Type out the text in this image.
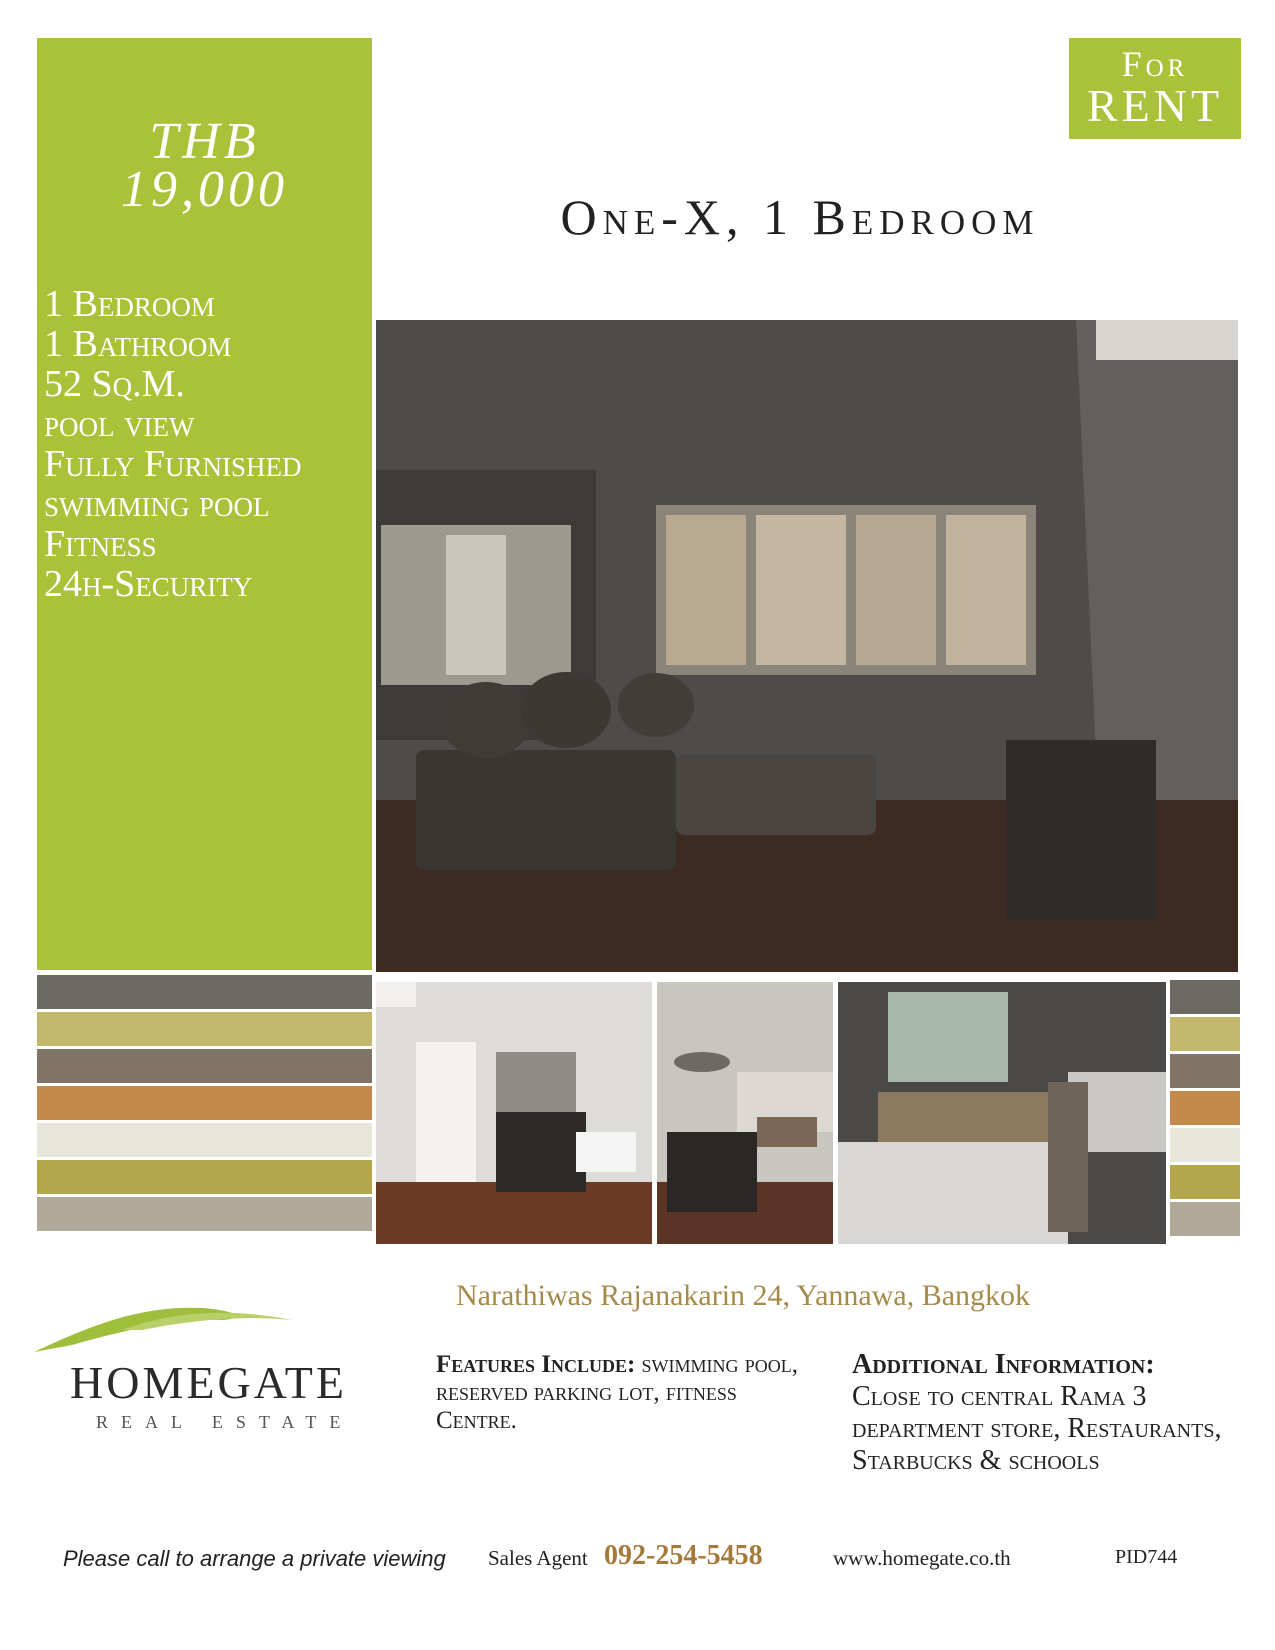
THB
19,000
1 Bedroom
1 Bathroom
52 Sq.M.
pool view
Fully Furnished
swimming pool
Fitness
24h-Security
For
RENT
One-X, 1 Bedroom
HOMEGATE
REAL ESTATE
Narathiwas Rajanakarin 24, Yannawa, Bangkok
Features Include: swimming pool, reserved parking lot, fitness Centre.
Additional Information:
Close to central Rama 3 department store, Restaurants, Starbucks & schools
Please call to arrange a private viewing Sales Agent 092-254-5458	www.homegate.co.th	PID744
